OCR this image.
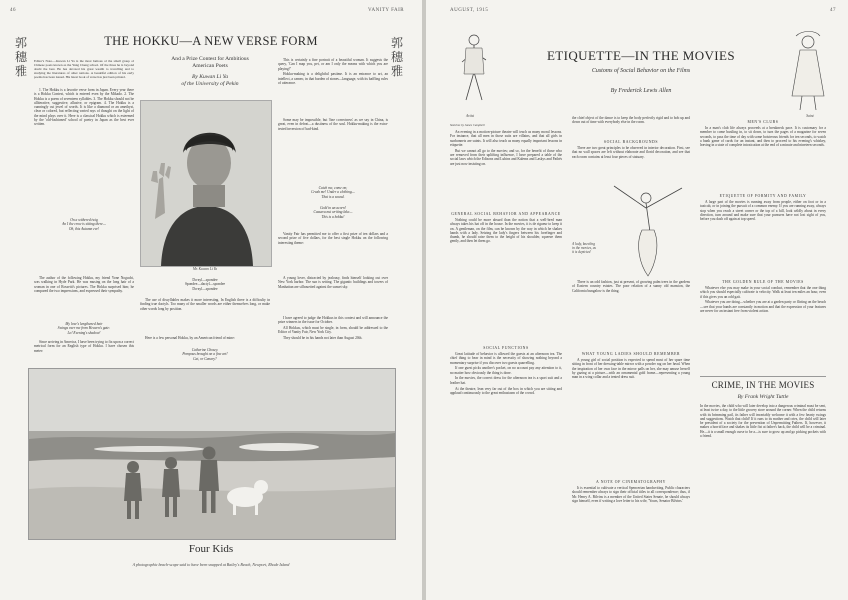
46	VANITY FAIR
郭
穗
雅
郭
穗
雅
THE HOKKU—A NEW VERSE FORM
And a Prize Contest for Ambitious
American Poets
By Kuwan Li Ya
of the University of Pekin
Editor's Note.—Kuwan Li Ya is the most famous of the small group of Chinese poets known as the Yung Cheng school. Of the three he is beyond doubt the best. He has devoted his great wealth to travelling and to studying the literatures of other nations. A beautiful edition of his early poems has been issued. His latest book of verse has just been printed.

1. The Hokku is a favorite verse form in Japan. Every year there is a Hokku Contest, which is entered even by the Mikado. 2. The Hokku is a poem of seventeen syllables. 3. The Hokku should not be alliterative, suggestive, allusive, or epigram. 4. The Hokku is a cunningly cut jewel of words. It is like a diamond or an amethyst, clear or colored, but reflecting varied rays of thought on the light of the mind plays over it. Here is a classical Hokku which is esteemed by the 'old-fashioned' school of poetry in Japan as the best ever written.

On a withered twig
An I the crow is sitting there—
Oh, this Autumn eve!

The author of the following Hokku, my friend Yone Noguchi, was walking in Hyde Park. He was musing on the long hair of a woman in one of Rossetti's pictures. The Hokku surprised him; he compared the two impressions, and expressed their sympathy.

My love's lengthened hair
Swings over me from Heaven's gate:
Lo! Evening's shadow!

Since arriving in America, I have been trying to fix upon a correct metrical form for an English type of Hokku. I have chosen this meter:

Mr. Kuwan Li Ya
Da-ayl—spondee
Spondee—dactyl—spondee
Da-ayl—spondee

The use of dissyllables makes it more interesting. In English there is a difficulty in finding true dactyls. Too many of the smaller words are either themselves long, or make other words long by position.

Here is a few personal Hokku, by an American friend of mine:

Catherine Chosey.
Pompous brought on a fine art!
Cat, or Canary?

This is certainly a fine portrait of a beautiful woman. It suggests the query, 'Can I map you, pet, or am I only the means with which you are playing?'

Hokku-making is a delightful pastime. It is an entrance to art, an intellect, a cameo, in that burden of stones—language, with its baffling rules of utterance.

Some may be impossible, but 'fine correctness' as we say in China, is great, even in defeat—a dustiness of the soul. Hokku-making is the extra-tested inversion of bad-kind.

Catch me, come on;
Crush me! Under a clothing—
That is a sound.
Gold in an acorn!
Cassava nut writing lake—
This is a hokku!

Vanity Fair has permitted me to offer a first prize of ten dollars and a second prize of five dollars, for the best single Hokku on the following interesting theme:

A young lover, distracted by jealousy, finds himself looking out over New York harbor. The sun is setting. The gigantic buildings and towers of Manhattan are silhouetted against the sunset sky.

I have agreed to judge the Hokkus in this contest and will announce the prize winners in the issue for October.

All Hokkus, which must be single, in form, should be addressed to the Editor of Vanity Fair, New York City.

They should be in his hands not later than August 20th.

Four Kids
A photographic beach-scape said to have been snapped at Bailey's Beach, Newport, Rhode Island
AUGUST, 1915	47
Artist	Saint
ETIQUETTE—IN THE MOVIES
Customs of Social Behavior on the Films
By Frederick Lewis Allen
Sketches by James Campbell

An evening in a motion-picture theatre will teach us many moral lessons. For instance, that all men in those suits are villains, and that all girls in sunbonnets are saints. It will also teach us many equally important lessons in etiquette.

But we cannot all go to the movies; and so, for the benefit of those who are removed from their uplifting influence, I have prepared a table of the social laws which the Edisons and Lubins and Kalems and Laskys and Pathés are just now insisting on.

GENERAL SOCIAL BEHAVIOR AND APPEARANCE

Nothing could be more absurd than the notion that a well-bred man always takes his hat off in the house. In the movies, it is de rigueur to keep it on. A gentleman, on the film, can be known by the way in which he shakes hands with a lady. Seizing the lady's fingers between his forefinger and thumb, he should raise them to the height of his shoulder, squeeze them gently, and then let them go.

SOCIAL FUNCTIONS

Great latitude of behavior is allowed the guests at an afternoon tea. The chief thing to bear in mind is the necessity of showing nothing beyond a momentary surprise if you discover two guests quarrelling.

If one guest picks another's pocket, on no account pay any attention to it, no matter how obviously the thing is done.

In the movies, the correct dress for the afternoon tea is a sport suit and a leather hat.

At the theatre, lean very far out of the box in which you are sitting and applaud continuously to the great enthusiasm of the crowd.

the chief object of the dance is to keep the body perfectly rigid and to bob up and down out of time with everybody else in the room.

SOCIAL BACKGROUNDS

There are two great principles to be observed in interior decoration. First, see that no wall spaces are left without elaborate and florid decoration, and see that each room contains at least four pieces of statuary.

A lady, kneeling
in the movies, as
it is depicted

There is an odd fashion, just at present, of growing palm trees in the gardens of Eastern country estates. The poor relation of a sunny old mansion, the California bungalow is the thing.

WHAT YOUNG LADIES SHOULD REMEMBER

A young girl of social position is expected to spend most of her spare time sitting in front of her dressing-table mirror with a powder rag on her head. When the inspiration of her own face in the mirror palls on her, she may amuse herself by gazing at a picture—with an ornamental gold frame—representing a young man in a wing collar and a tented dress suit.

A NOTE OF CINEMATOGRAPHY

It is essential to cultivate a vertical Spencerian handwriting. Public characters should remember always to sign their official titles to all correspondence; thus, if Mr. Henry A. Bilvins is a member of the United States Senate, he should always sign himself, even if writing a love letter to his wife, 'Yours, Senator Bilvins.'

MEN'S CLUBS

In a man's club life always proceeds at a breakneck pace. It is customary for a member to come bustling in, to sit down, to turn the pages of a magazine for seven seconds, to pass the time of day with some boisterous friends for ten seconds, to watch a bank game of cards for an instant, and then to proceed to his evening's whiskey, leaving in a state of complete intoxication at the end of a minute and nineteen seconds.

ETIQUETTE OF FORMITY AND FAMILY

A large part of the movies is running away from people, either on foot or in a taxicab, or in joining the pursuit of a common enemy. If you are running away, always stop when you reach a street corner or the top of a hill, look wildly about in every direction, turn around and make sure that your pursuers have not lost sight of you, before you dash off again at top speed.

THE GOLDEN RULE OF THE MOVIES

Whatever else you may make in your social conduct, remember that the one thing which you should especially cultivate is velocity. Walk at least ten miles an hour, even if this gives you an odd gait.

Whatever you are doing—whether you are at a garden party or flirting on the beach—see that your hands are constantly in motion and that the expression of your features are never for an instant free from violent action.

CRIME, IN THE MOVIES
By Frank Wright Tuttle

In the movies, the child who will later develop into a dangerous criminal must be sent, at least twice a day, to the little grocery store around the corner. When the child returns with its brimming pail, its father will invariably welcome it with a few hearty swings and suggestions. Watch that child! If it runs to its mother and cries, the child will later be president of a society for the prevention of Unpermitting Fathers. If, however, it makes a horrid face and shakes its little fist at father's back, the child will be a criminal. He—it is a small enough curse to be a—is sure to grow up and go picking pockets with a friend.
